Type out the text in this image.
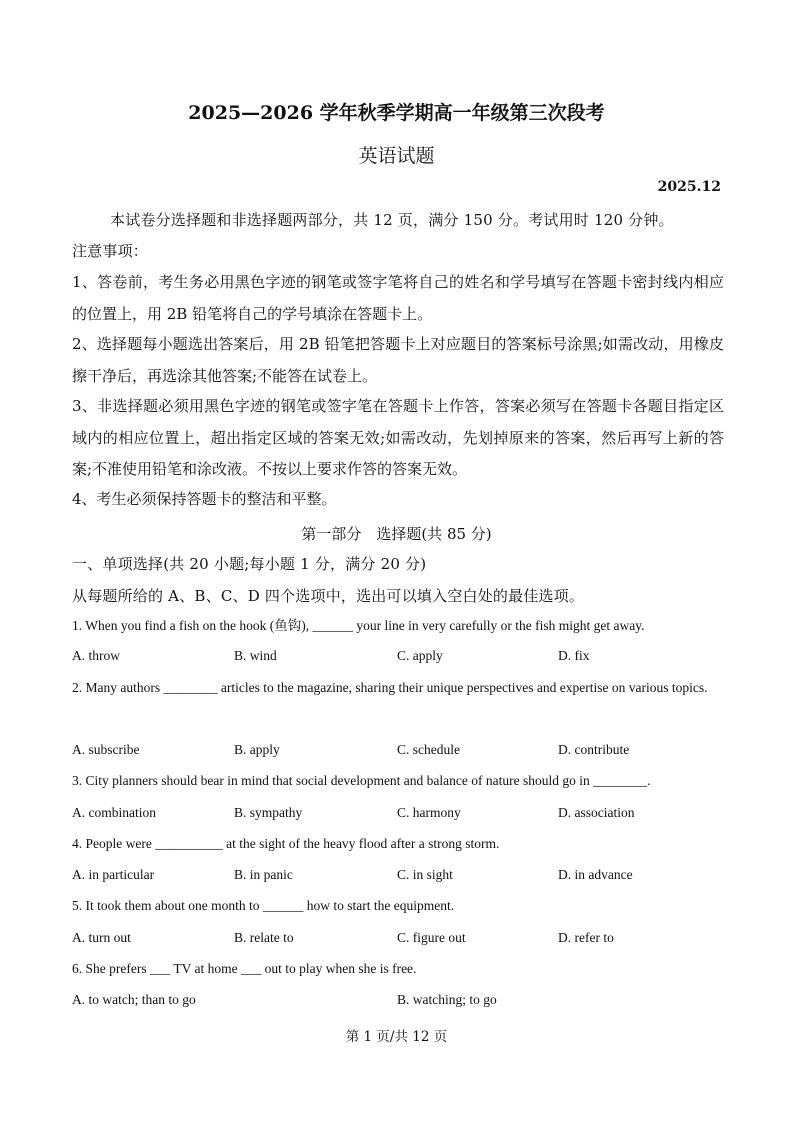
2025—2026 学年秋季学期高一年级第三次段考
英语试题
2025.12
本试卷分选择题和非选择题两部分，共 12 页，满分 150 分。考试用时 120 分钟。
注意事项：
1、答卷前，考生务必用黑色字迹的钢笔或签字笔将自己的姓名和学号填写在答题卡密封线内相应的位置上，用 2B 铅笔将自己的学号填涂在答题卡上。
2、选择题每小题选出答案后，用 2B 铅笔把答题卡上对应题目的答案标号涂黑;如需改动，用橡皮擦干净后，再选涂其他答案;不能答在试卷上。
3、非选择题必须用黑色字迹的钢笔或签字笔在答题卡上作答，答案必须写在答题卡各题目指定区域内的相应位置上，超出指定区域的答案无效;如需改动，先划掉原来的答案，然后再写上新的答案;不准使用铅笔和涂改液。不按以上要求作答的答案无效。
4、考生必须保持答题卡的整洁和平整。
第一部分　选择题(共 85 分)
一、单项选择(共 20 小题;每小题 1 分，满分 20 分)
从每题所给的 A、B、C、D 四个选项中，选出可以填入空白处的最佳选项。
1. When you find a fish on the hook (鱼钩), ______ your line in very carefully or the fish might get away.
A. throw	B. wind	C. apply	D. fix
2. Many authors ________ articles to the magazine, sharing their unique perspectives and expertise on various topics.
A. subscribe	B. apply	C. schedule	D. contribute
3. City planners should bear in mind that social development and balance of nature should go in ________.
A. combination	B. sympathy	C. harmony	D. association
4. People were __________ at the sight of the heavy flood after a strong storm.
A. in particular	B. in panic	C. in sight	D. in advance
5. It took them about one month to ______ how to start the equipment.
A. turn out	B. relate to	C. figure out	D. refer to
6. She prefers ___ TV at home ___ out to play when she is free.
A. to watch; than to go	B. watching; to go
第 1 页/共 12 页
